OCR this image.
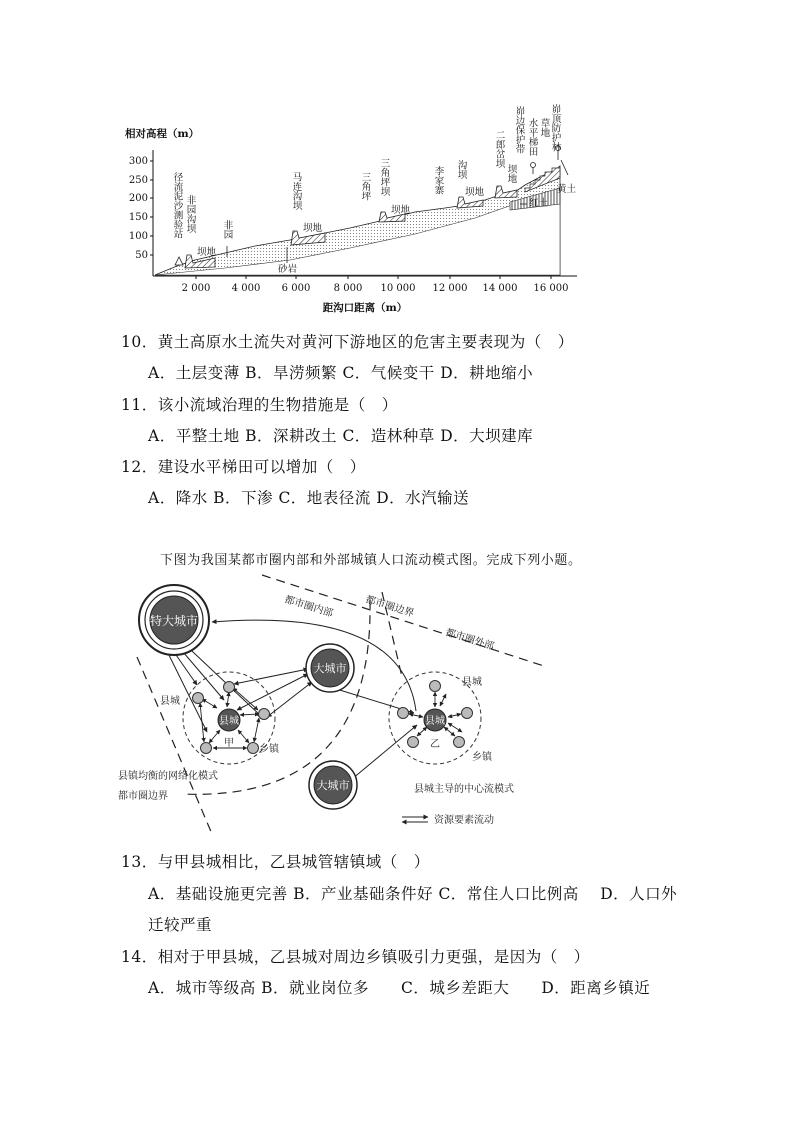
300
250
200
150
100
50
相对高程（m）
2 000 4 000 6 000 8 000 10 000 12 000 14 000 16 000
距沟口距离（m）
径流泥沙测验站 非园沟坝
坝地
非园
砂岩
马连沟坝
坝地
三角坪 三角坪坝
坝地
李家寨 沟坝
坝地
二郎岔坝
坝地
峁边保护带 水平梯田 草地 峁顶防护林
黄土
红土
10．黄土高原水土流失对黄河下游地区的危害主要表现为（　）
A．土层变薄 B．旱涝频繁 C．气候变干 D．耕地缩小
11．该小流域治理的生物措施是（　）
A．平整土地 B．深耕改土 C．造林种草 D．大坝建库
12．建设水平梯田可以增加（　）
A．降水 B．下渗 C．地表径流 D．水汽输送
下图为我国某都市圈内部和外部城镇人口流动模式图。完成下列小题。
特大城市
大城市
大城市
县城
甲
县城
乙
都市圈内部	都市圈边界
都市圈外部
县城
县城
乡镇
乡镇
县镇均衡的网络化模式
都市圈边界
县城主导的中心流模式
资源要素流动
13．与甲县城相比，乙县城管辖镇域（　）
A．基础设施更完善 B．产业基础条件好 C．常住人口比例高　 D．人口外
迁较严重
14．相对于甲县城，乙县城对周边乡镇吸引力更强，是因为（　）
A．城市等级高 B．就业岗位多　　C．城乡差距大　　D．距离乡镇近
